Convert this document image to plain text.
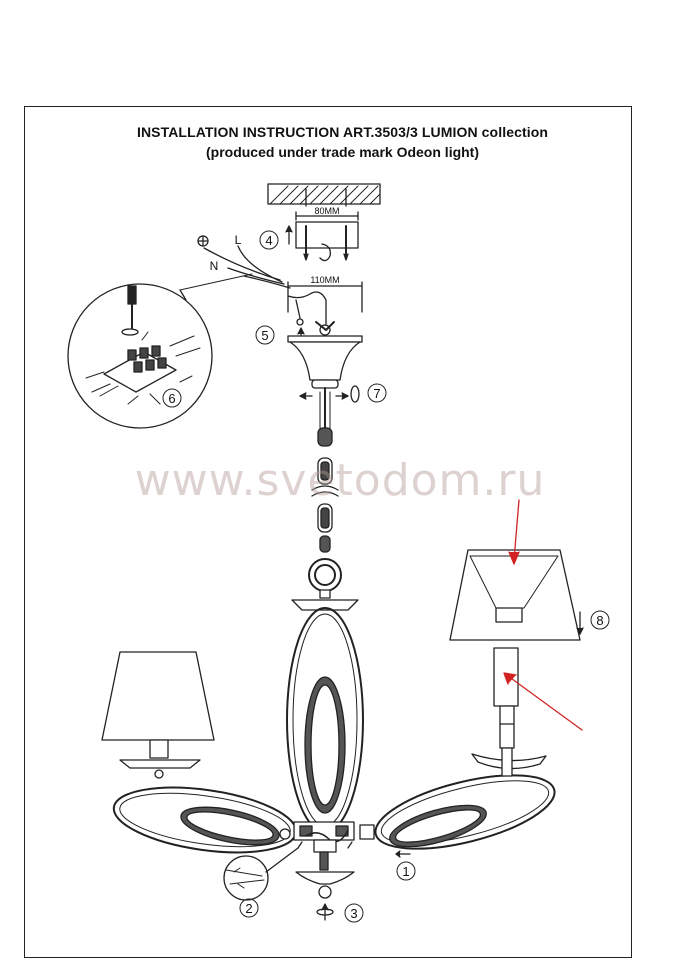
INSTALLATION INSTRUCTION ART.3503/3 LUMION collection
(produced under trade mark Odeon light)
4
5
6	7
8
1
2	3
80MM
110MM
L
N
www.svetodom.ru
